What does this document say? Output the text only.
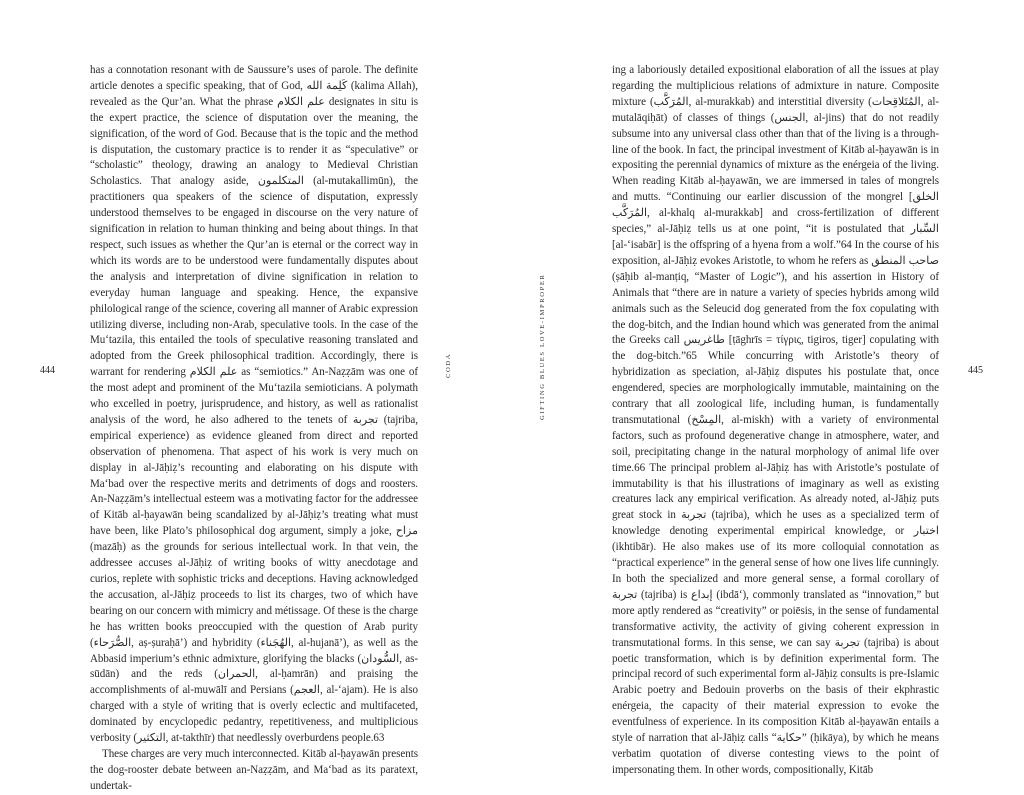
has a connotation resonant with de Saussure’s uses of parole. The definite article denotes a specific speaking, that of God, كَلِمة الله (kalima Allah), revealed as the Qur’an. What the phrase علم الكلام designates in situ is the expert practice, the science of disputation over the meaning, the signification, of the word of God. Because that is the topic and the method is disputation, the customary practice is to render it as “speculative” or “scholastic” theology, drawing an analogy to Medieval Christian Scholastics. That analogy aside, المتكلمون (al-mutakallimūn), the practitioners qua speakers of the science of disputation, expressly understood themselves to be engaged in discourse on the very nature of signification in relation to human thinking and being about things. In that respect, such issues as whether the Qur’an is eternal or the correct way in which its words are to be understood were fundamentally disputes about the analysis and interpretation of divine signification in relation to everyday human language and speaking. Hence, the expansive philological range of the science, covering all manner of Arabic expression utilizing diverse, including non-Arab, speculative tools. In the case of the Mu‘tazila, this entailed the tools of speculative reasoning translated and adopted from the Greek philosophical tradition. Accordingly, there is warrant for rendering علم الكلام as “semiotics.” An-Naẓẓām was one of the most adept and prominent of the Mu‘tazila semioticians. A polymath who excelled in poetry, jurisprudence, and history, as well as rationalist analysis of the word, he also adhered to the tenets of تجربة (tajriba, empirical experience) as evidence gleaned from direct and reported observation of phenomena. That aspect of his work is very much on display in al-Jāḥiẓ’s recounting and elaborating on his dispute with Ma‘bad over the respective merits and detriments of dogs and roosters. An-Naẓẓām’s intellectual esteem was a motivating factor for the addressee of Kitāb al-ḥayawān being scandalized by al-Jāḥiẓ’s treating what must have been, like Plato’s philosophical dog argument, simply a joke, مزاح (mazāḥ) as the grounds for serious intellectual work. In that vein, the addressee accuses al-Jāḥiẓ of writing books of witty anecdotage and curios, replete with sophistic tricks and deceptions. Having acknowledged the accusation, al-Jāḥiẓ proceeds to list its charges, two of which have bearing on our concern with mimicry and métissage. Of these is the charge he has written books preoccupied with the question of Arab purity (الصُّرَحاء, aṣ-ṣuraḥā’) and hybridity (الهُجَناء, al-hujanā’), as well as the Abbasid imperium’s ethnic admixture, glorifying the blacks (السُّودان, as-sūdān) and the reds (الحمران, al-ḥamrān) and praising the accomplishments of al-muwālī and Persians (العجم, al-‘ajam). He is also charged with a style of writing that is overly eclectic and multifaceted, dominated by encyclopedic pedantry, repetitiveness, and multiplicious verbosity (التكثير, at-takthīr) that needlessly overburdens people.63

These charges are very much interconnected. Kitāb al-ḥayawān presents the dog-rooster debate between an-Naẓẓām, and Ma‘bad as its paratext, undertak-

444	CODA	GIFTING BLUES LOVE-IMPROPER

ing a laboriously detailed expositional elaboration of all the issues at play regarding the multiplicious relations of admixture in nature. Composite mixture (المُرَكَّب, al-murakkab) and interstitial diversity (المُتَلاقِحات, al-mutalāqiḥāt) of classes of things (الجنس, al-jins) that do not readily subsume into any universal class other than that of the living is a through-line of the book. In fact, the principal investment of Kitāb al-ḥayawān is in expositing the perennial dynamics of mixture as the enérgeia of the living. When reading Kitāb al-ḥayawān, we are immersed in tales of mongrels and mutts. “Continuing our earlier discussion of the mongrel [الخلق المُرَكَّب, al-khalq al-murakkab] and cross-fertilization of different species,” al-Jāḥiẓ tells us at one point, “it is postulated that السِّبار [al-‘isabār] is the offspring of a hyena from a wolf.”64 In the course of his exposition, al-Jāḥiẓ evokes Aristotle, to whom he refers as صاحب المنطق (ṣāḥib al-manṭiq, “Master of Logic”), and his assertion in History of Animals that “there are in nature a variety of species hybrids among wild animals such as the Seleucid dog generated from the fox copulating with the dog-bitch, and the Indian hound which was generated from the animal the Greeks call طاغريس [ṭāghrīs = τίγρις, tigiros, tiger] copulating with the dog-bitch.”65 While concurring with Aristotle’s theory of hybridization as speciation, al-Jāḥiẓ disputes his postulate that, once engendered, species are morphologically immutable, maintaining on the contrary that all zoological life, including human, is fundamentally transmutational (المِسْخ, al-miskh) with a variety of environmental factors, such as profound degenerative change in atmosphere, water, and soil, precipitating change in the natural morphology of animal life over time.66 The principal problem al-Jāḥiẓ has with Aristotle’s postulate of immutability is that his illustrations of imaginary as well as existing creatures lack any empirical verification. As already noted, al-Jāḥiẓ puts great stock in تجربة (tajriba), which he uses as a specialized term of knowledge denoting experimental empirical knowledge, or اختبار (ikhtibār). He also makes use of its more colloquial connotation as “practical experience” in the general sense of how one lives life cunningly. In both the specialized and more general sense, a formal corollary of تجربة (tajriba) is إبداع (ibdā‘), commonly translated as “innovation,” but more aptly rendered as “creativity” or poiēsis, in the sense of fundamental transformative activity, the activity of giving coherent expression in transmutational forms. In this sense, we can say تجربة (tajriba) is about poetic transformation, which is by definition experimental form. The principal record of such experimental form al-Jāḥiẓ consults is pre-Islamic Arabic poetry and Bedouin proverbs on the basis of their ekphrastic enérgeia, the capacity of their material expression to evoke the eventfulness of experience. In its composition Kitāb al-ḥayawān entails a style of narration that al-Jāḥiẓ calls “حكاية” (ḥikāya), by which he means verbatim quotation of diverse contesting views to the point of impersonating them. In other words, compositionally, Kitāb

445
